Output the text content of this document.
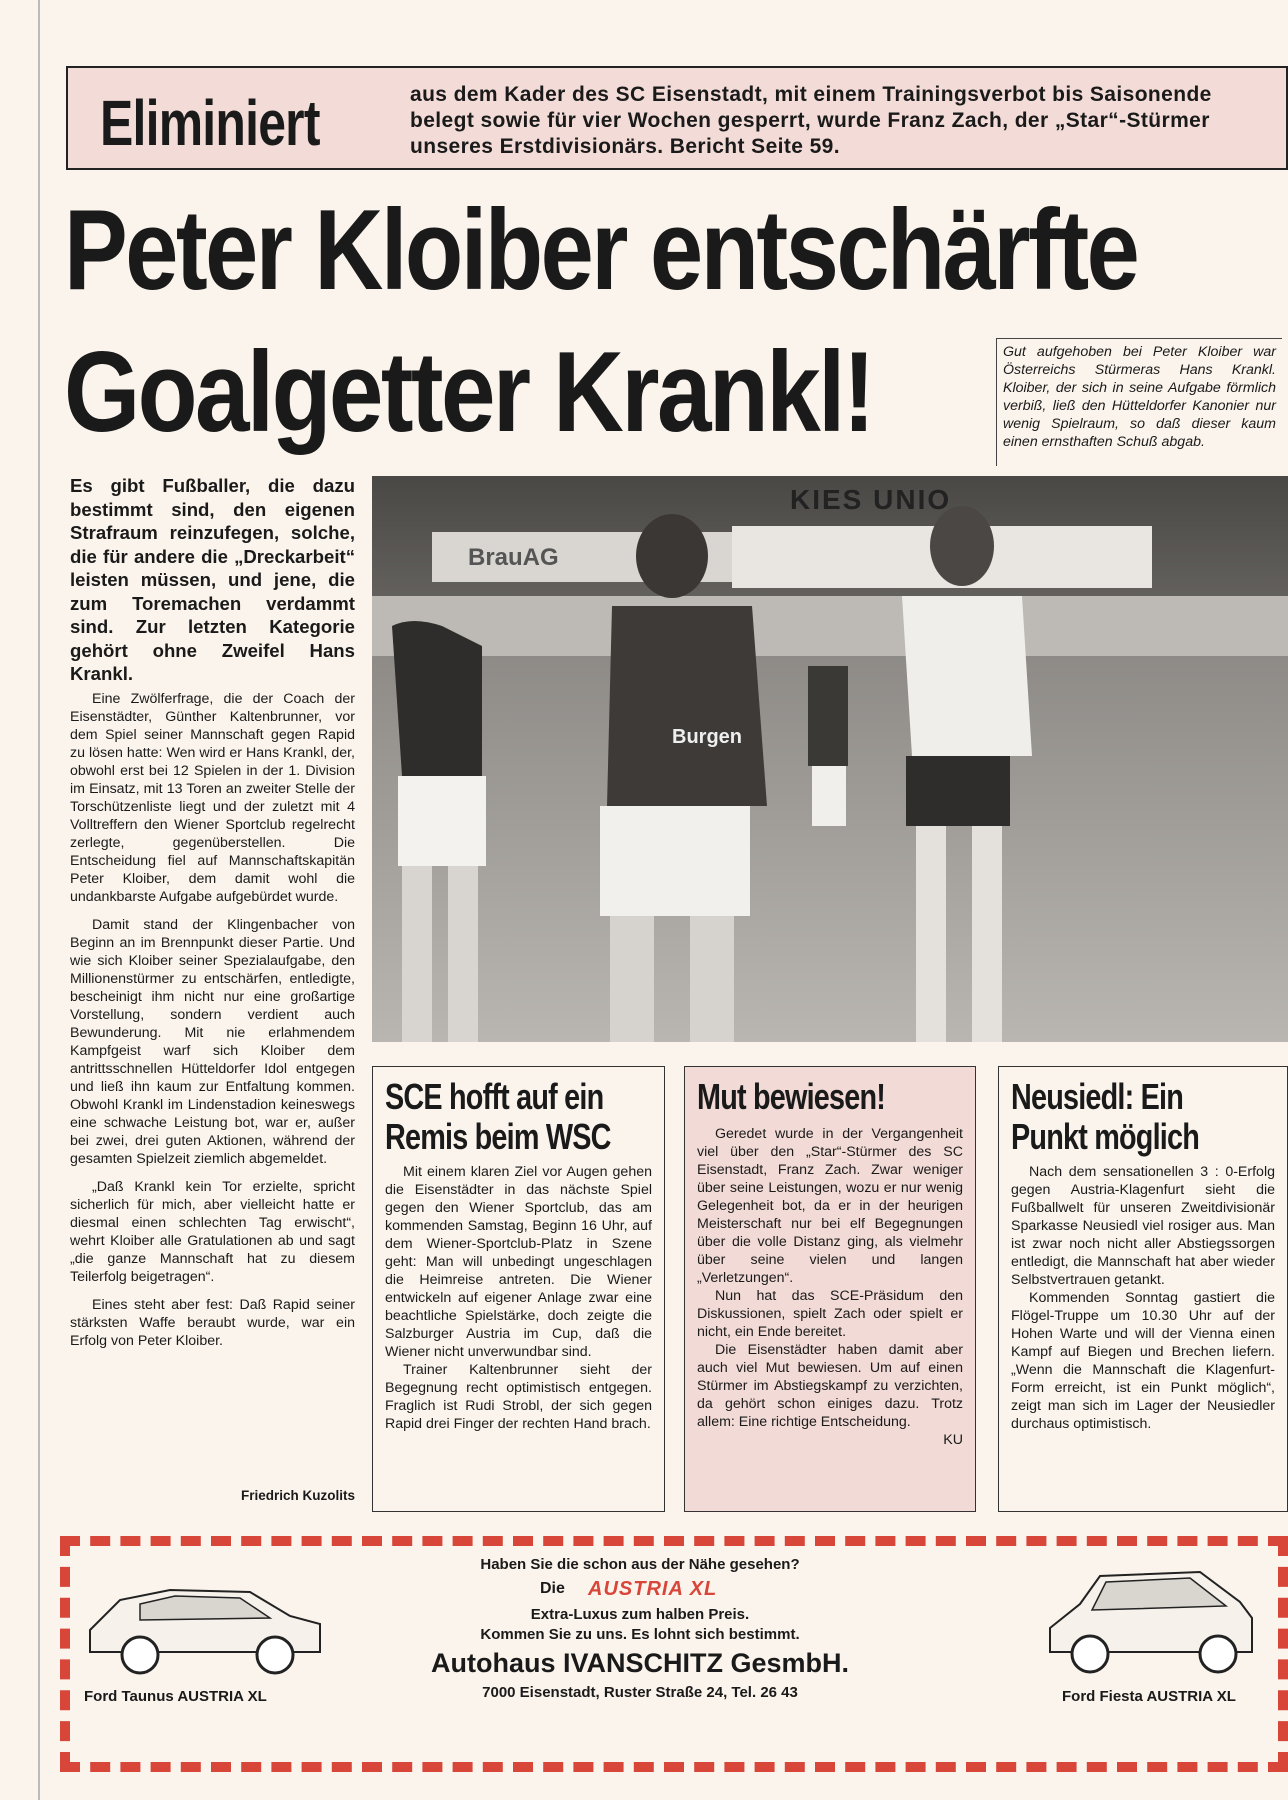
Eliminiert	aus dem Kader des SC Eisenstadt, mit einem Trainingsverbot bis Saisonende belegt sowie für vier Wochen gesperrt, wurde Franz Zach, der „Star“-Stürmer unseres Erstdivisionärs. Bericht Seite 59.
Peter Kloiber entschärfte
Goalgetter Krankl!	Gut aufgehoben bei Peter Kloiber war Österreichs Stürmeras Hans Krankl. Kloiber, der sich in seine Aufgabe förmlich verbiß, ließ den Hütteldorfer Kanonier nur wenig Spielraum, so daß dieser kaum einen ernsthaften Schuß abgab.
KIES UNIO
BrauAG
Burgen
Es gibt Fußballer, die dazu bestimmt sind, den eigenen Strafraum reinzufegen, solche, die für andere die „Dreckarbeit“ leisten müssen, und jene, die zum Toremachen verdammt sind. Zur letzten Kategorie gehört ohne Zweifel Hans Krankl.

Eine Zwölferfrage, die der Coach der Eisenstädter, Günther Kaltenbrunner, vor dem Spiel seiner Mannschaft gegen Rapid zu lösen hatte: Wen wird er Hans Krankl, der, obwohl erst bei 12 Spielen in der 1. Division im Einsatz, mit 13 Toren an zweiter Stelle der Torschützenliste liegt und der zuletzt mit 4 Volltreffern den Wiener Sportclub regelrecht zerlegte, gegenüberstellen. Die Entscheidung fiel auf Mannschaftskapitän Peter Kloiber, dem damit wohl die undankbarste Aufgabe aufgebürdet wurde.

Damit stand der Klingenbacher von Beginn an im Brennpunkt dieser Partie. Und wie sich Kloiber seiner Spezialaufgabe, den Millionenstürmer zu entschärfen, entledigte, bescheinigt ihm nicht nur eine großartige Vorstellung, sondern verdient auch Bewunderung. Mit nie erlahmendem Kampfgeist warf sich Kloiber dem antrittsschnellen Hütteldorfer Idol entgegen und ließ ihn kaum zur Entfaltung kommen. Obwohl Krankl im Lindenstadion keineswegs eine schwache Leistung bot, war er, außer bei zwei, drei guten Aktionen, während der gesamten Spielzeit ziemlich abgemeldet.

„Daß Krankl kein Tor erzielte, spricht sicherlich für mich, aber vielleicht hatte er diesmal einen schlechten Tag erwischt“, wehrt Kloiber alle Gratulationen ab und sagt „die ganze Mannschaft hat zu diesem Teilerfolg beigetragen“.

Eines steht aber fest: Daß Rapid seiner stärksten Waffe beraubt wurde, war ein Erfolg von Peter Kloiber.

Friedrich Kuzolits
SCE hofft auf ein
Remis beim WSC

Mit einem klaren Ziel vor Augen gehen die Eisenstädter in das nächste Spiel gegen den Wiener Sportclub, das am kommenden Samstag, Beginn 16 Uhr, auf dem Wiener-Sportclub-Platz in Szene geht: Man will unbedingt ungeschlagen die Heimreise antreten. Die Wiener entwickeln auf eigener Anlage zwar eine beachtliche Spielstärke, doch zeigte die Salzburger Austria im Cup, daß die Wiener nicht unverwundbar sind.

Trainer Kaltenbrunner sieht der Begegnung recht optimistisch entgegen. Fraglich ist Rudi Strobl, der sich gegen Rapid drei Finger der rechten Hand brach.

Mut bewiesen!

Geredet wurde in der Vergangenheit viel über den „Star“-Stürmer des SC Eisenstadt, Franz Zach. Zwar weniger über seine Leistungen, wozu er nur wenig Gelegenheit bot, da er in der heurigen Meisterschaft nur bei elf Begegnungen über die volle Distanz ging, als vielmehr über seine vielen und langen „Verletzungen“.

Nun hat das SCE-Präsidum den Diskussionen, spielt Zach oder spielt er nicht, ein Ende bereitet.

Die Eisenstädter haben damit aber auch viel Mut bewiesen. Um auf einen Stürmer im Abstiegskampf zu verzichten, da gehört schon einiges dazu. Trotz allem: Eine richtige Entscheidung.

KU
Neusiedl: Ein
Punkt möglich

Nach dem sensationellen 3 : 0-Erfolg gegen Austria-Klagenfurt sieht die Fußballwelt für unseren Zweitdivisionär Sparkasse Neusiedl viel rosiger aus. Man ist zwar noch nicht aller Abstiegssorgen entledigt, die Mannschaft hat aber wieder Selbstvertrauen getankt.

Kommenden Sonntag gastiert die Flögel-Truppe um 10.30 Uhr auf der Hohen Warte und will der Vienna einen Kampf auf Biegen und Brechen liefern. „Wenn die Mannschaft die Klagenfurt-Form erreicht, ist ein Punkt möglich“, zeigt man sich im Lager der Neusiedler durchaus optimistisch.

Haben Sie die schon aus der Nähe gesehen?
Die AUSTRIA XL
Extra-Luxus zum halben Preis.
Kommen Sie zu uns. Es lohnt sich bestimmt.
Autohaus IVANSCHITZ GesmbH.
7000 Eisenstadt, Ruster Straße 24, Tel. 26 43
Ford Taunus AUSTRIA XL	Ford Fiesta AUSTRIA XL
